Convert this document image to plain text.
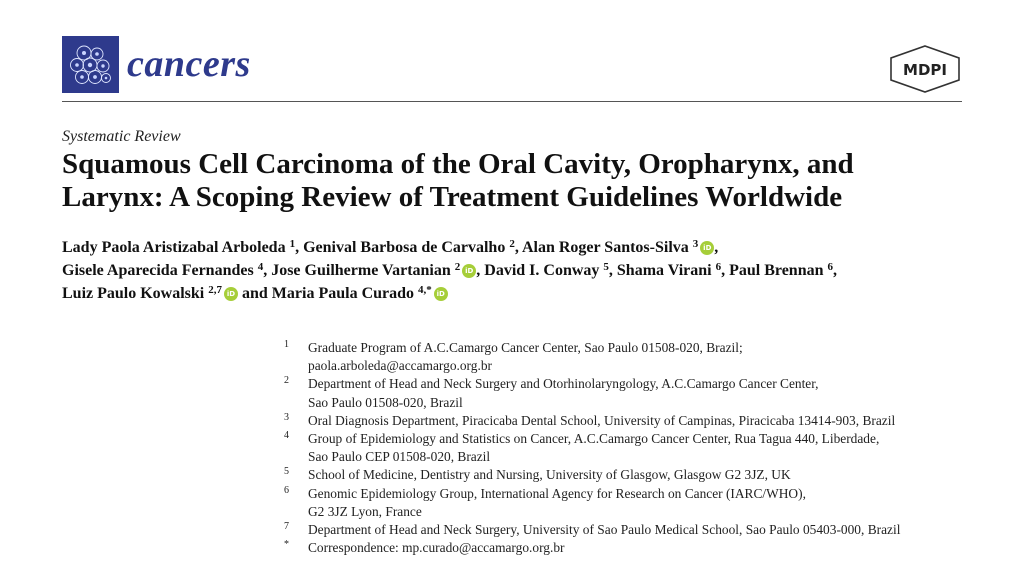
cancers	MDPI
Systematic Review
Squamous Cell Carcinoma of the Oral Cavity, Oropharynx, and
Larynx: A Scoping Review of Treatment Guidelines Worldwide
Lady Paola Aristizabal Arboleda $^1$, Genival Barbosa de Carvalho $^2$, Alan Roger Santos-Silva $^3$ iD ,
Gisele Aparecida Fernandes $^4$, Jose Guilherme Vartanian $^2$ iD , David I. Conway $^5$, Shama Virani $^6$, Paul Brennan $^6$,
Luiz Paulo Kowalski $^{2,7}$ iD and Maria Paula Curado $^{4,*}$ iD
1 Graduate Program of A.C.Camargo Cancer Center, Sao Paulo 01508-020, Brazil;
paola.arboleda@accamargo.org.br
2 Department of Head and Neck Surgery and Otorhinolaryngology, A.C.Camargo Cancer Center,
Sao Paulo 01508-020, Brazil
3 Oral Diagnosis Department, Piracicaba Dental School, University of Campinas, Piracicaba 13414-903, Brazil
4 Group of Epidemiology and Statistics on Cancer, A.C.Camargo Cancer Center, Rua Tagua 440, Liberdade,
Sao Paulo CEP 01508-020, Brazil
5 School of Medicine, Dentistry and Nursing, University of Glasgow, Glasgow G2 3JZ, UK
6 Genomic Epidemiology Group, International Agency for Research on Cancer (IARC/WHO),
G2 3JZ Lyon, France
7 Department of Head and Neck Surgery, University of Sao Paulo Medical School, Sao Paulo 05403-000, Brazil
* Correspondence: mp.curado@accamargo.org.br
